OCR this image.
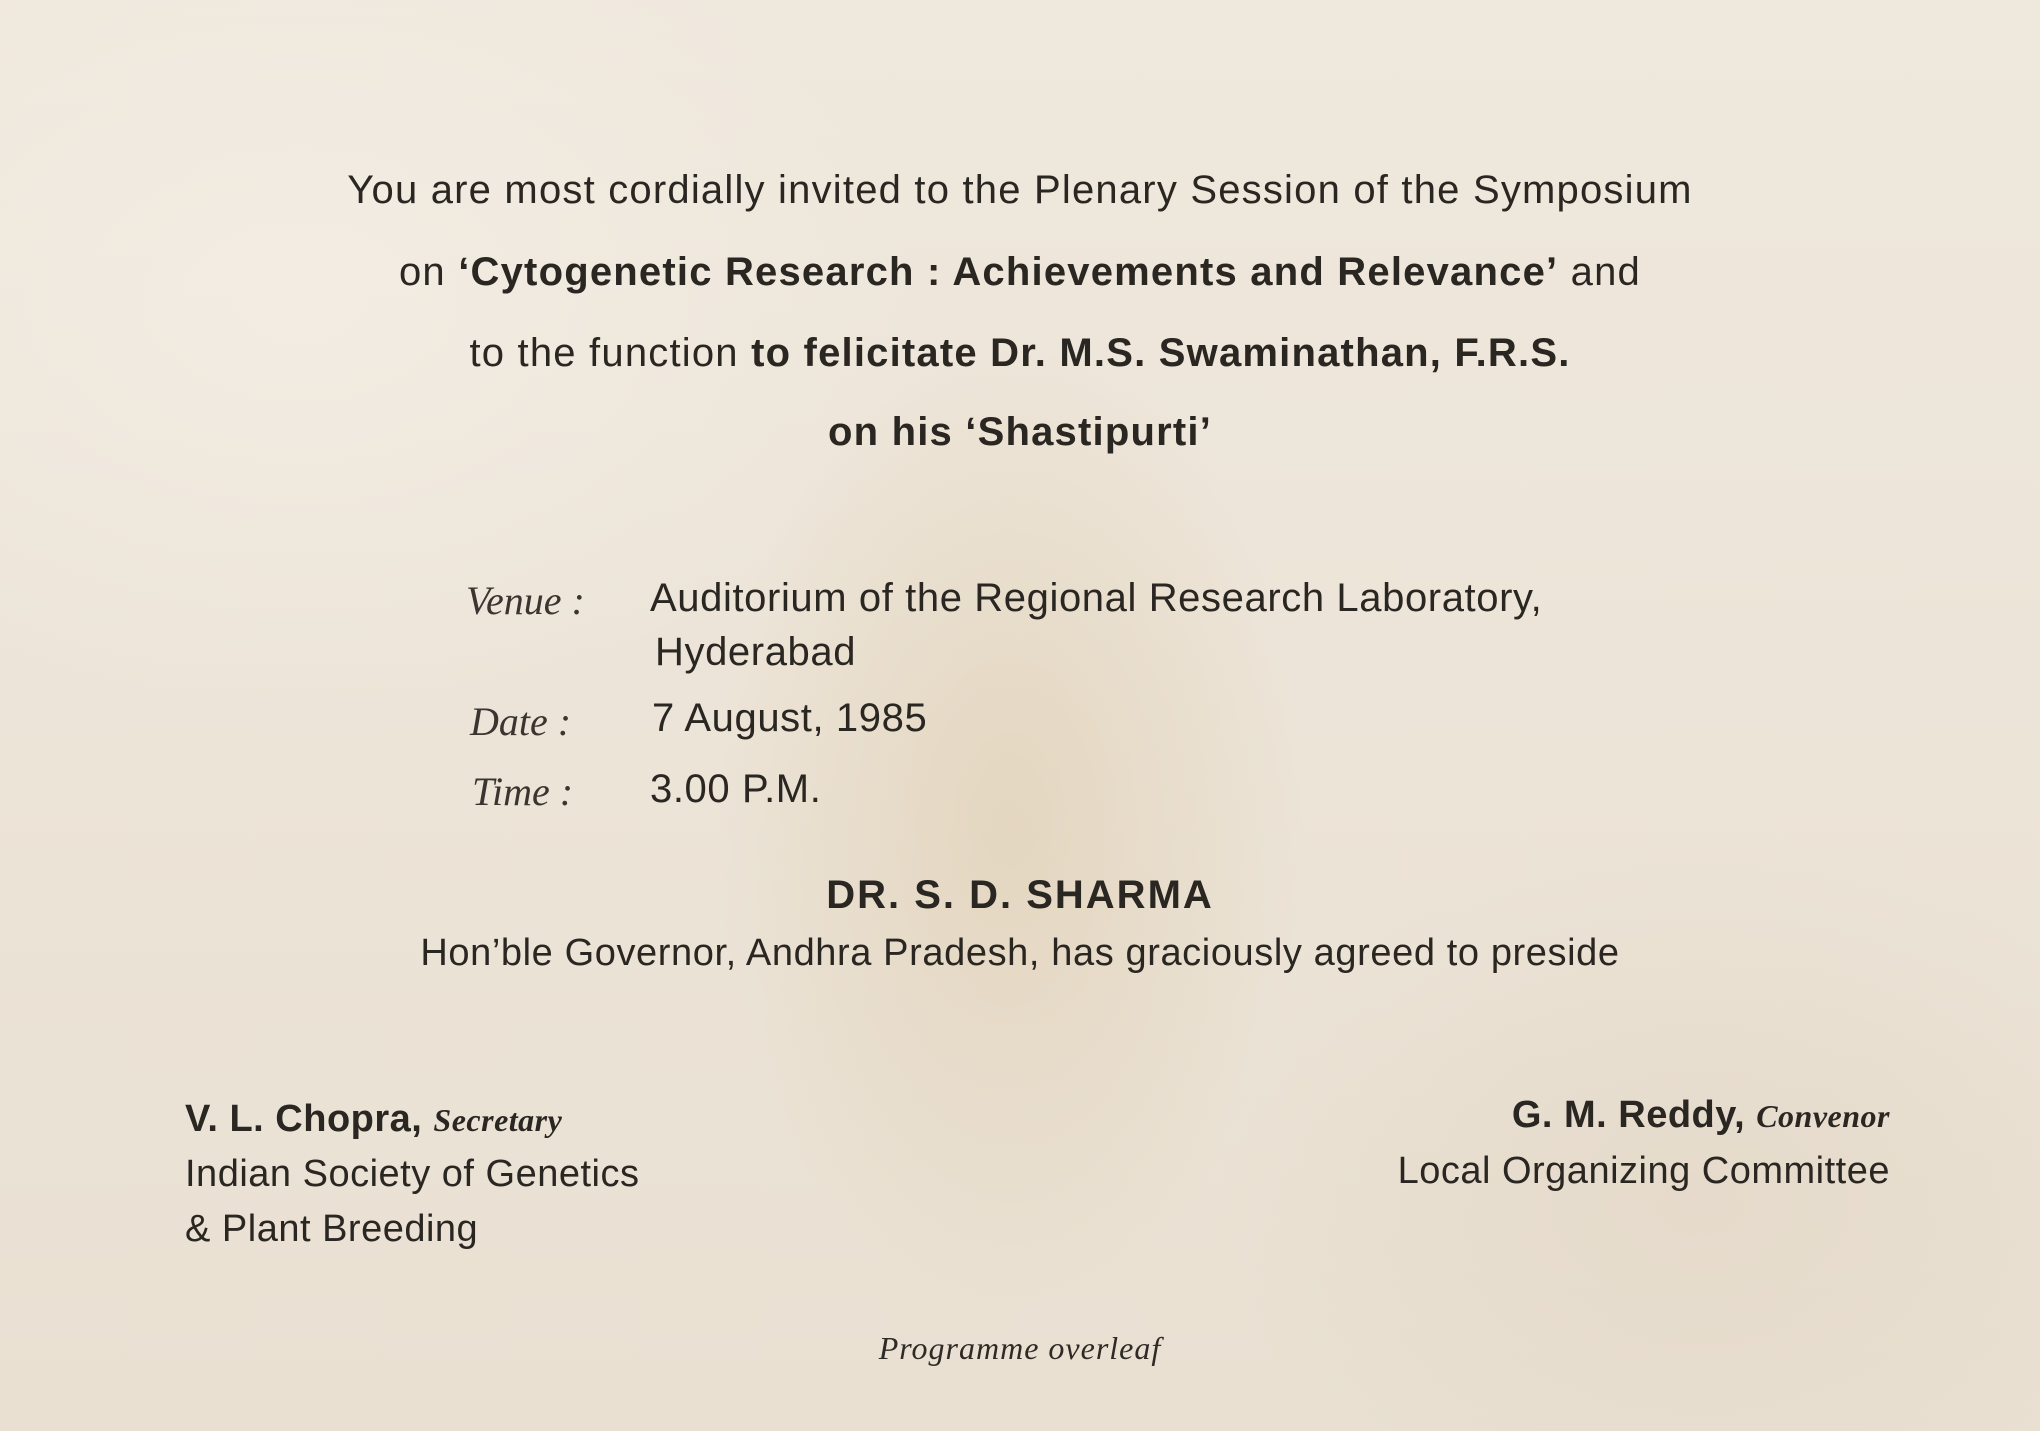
You are most cordially invited to the Plenary Session of the Symposium
on ‘Cytogenetic Research : Achievements and Relevance’ and
to the function to felicitate Dr. M.S. Swaminathan, F.R.S.
on his ‘Shastipurti’
Venue : Auditorium of the Regional Research Laboratory,
Hyderabad
Date : 7 August, 1985
Time : 3.00 P.M.
DR. S. D. SHARMA
Hon’ble Governor, Andhra Pradesh, has graciously agreed to preside
V. L. Chopra, Secretary
Indian Society of Genetics
& Plant Breeding
G. M. Reddy, Convenor
Local Organizing Committee
Programme overleaf
